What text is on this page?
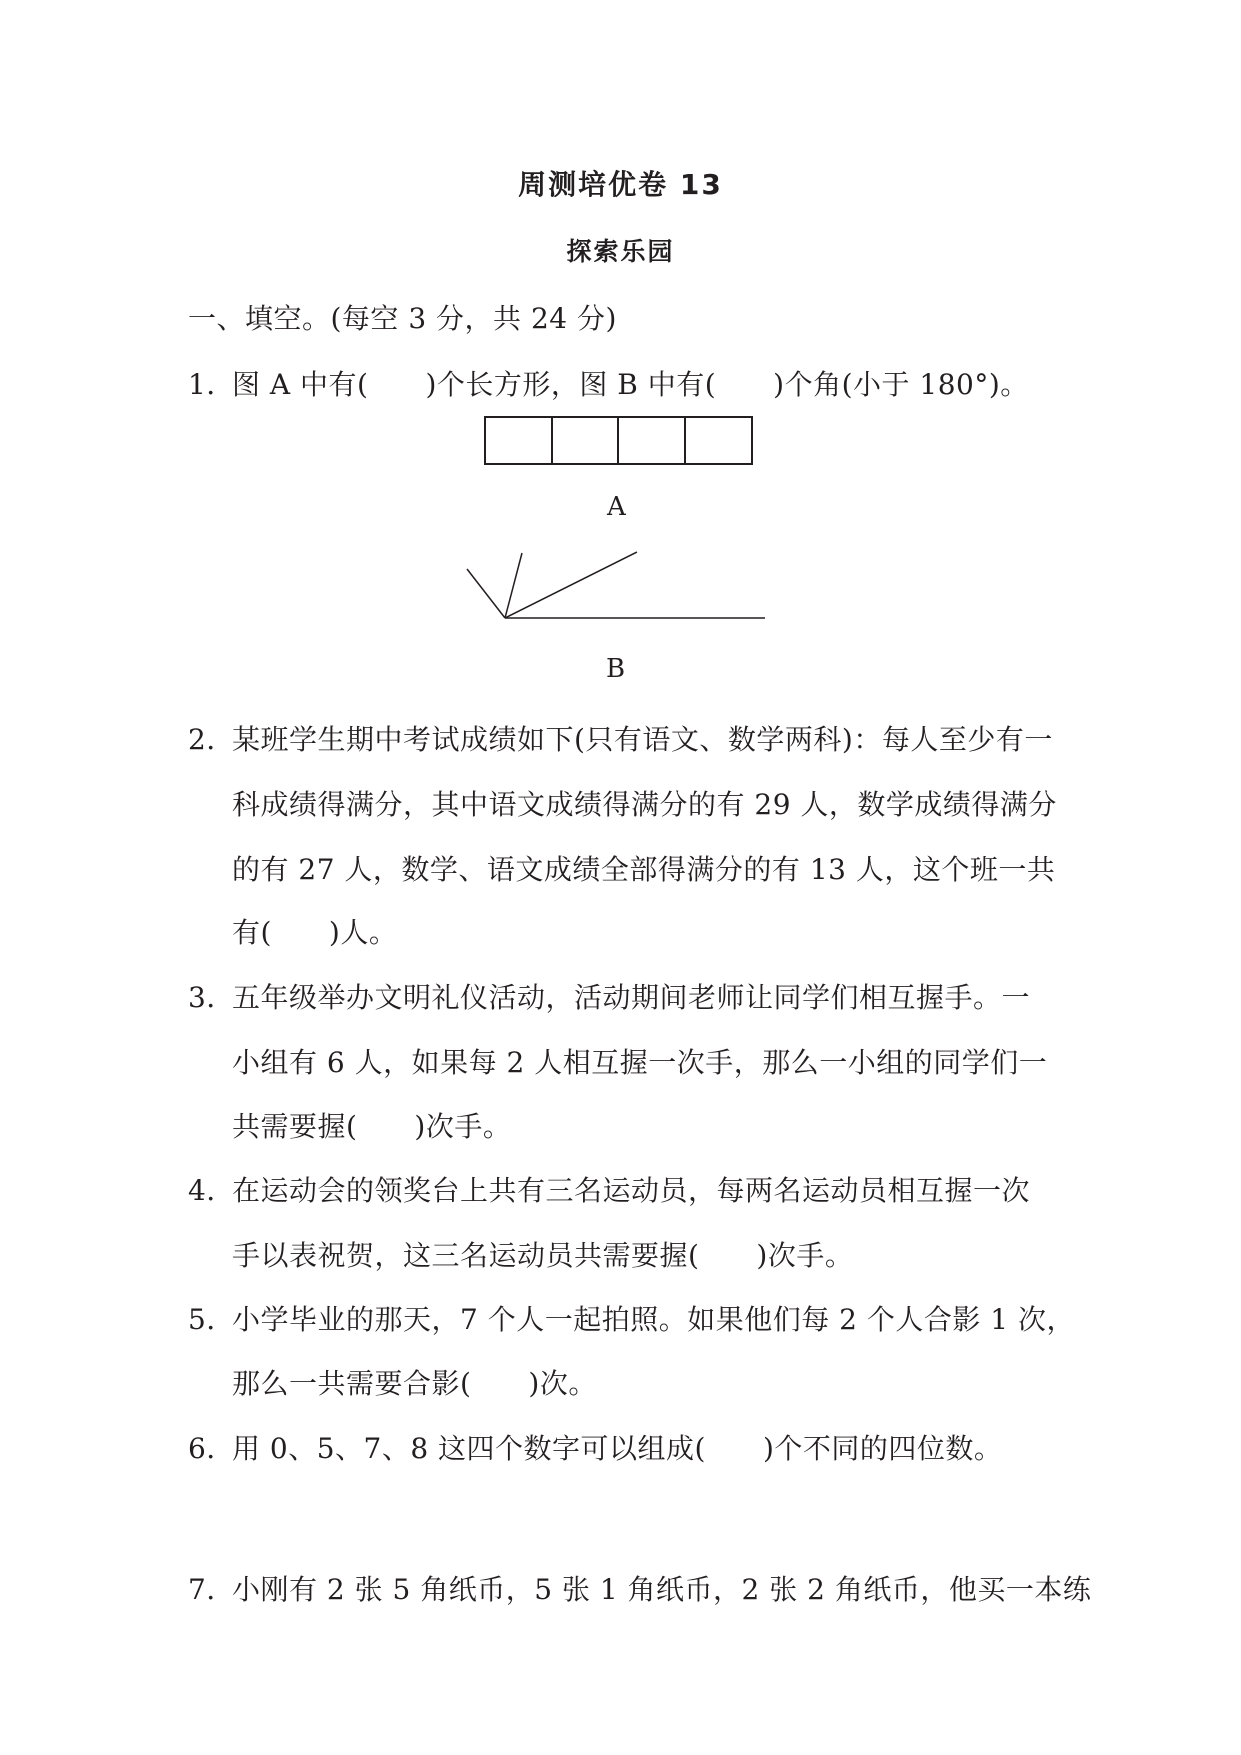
周测培优卷 13
探索乐园
一、填空。(每空 3 分，共 24 分)
1．图 A 中有(　　)个长方形，图 B 中有(　　)个角(小于 180°)。
A
B
2．某班学生期中考试成绩如下(只有语文、数学两科)：每人至少有一
科成绩得满分，其中语文成绩得满分的有 29 人，数学成绩得满分
的有 27 人，数学、语文成绩全部得满分的有 13 人，这个班一共
有(　　)人。
3．五年级举办文明礼仪活动，活动期间老师让同学们相互握手。一
小组有 6 人，如果每 2 人相互握一次手，那么一小组的同学们一
共需要握(　　)次手。
4．在运动会的领奖台上共有三名运动员，每两名运动员相互握一次
手以表祝贺，这三名运动员共需要握(　　)次手。
5．小学毕业的那天，7 个人一起拍照。如果他们每 2 个人合影 1 次，
那么一共需要合影(　　)次。
6．用 0、5、7、8 这四个数字可以组成(　　)个不同的四位数。
7．小刚有 2 张 5 角纸币，5 张 1 角纸币，2 张 2 角纸币，他买一本练
